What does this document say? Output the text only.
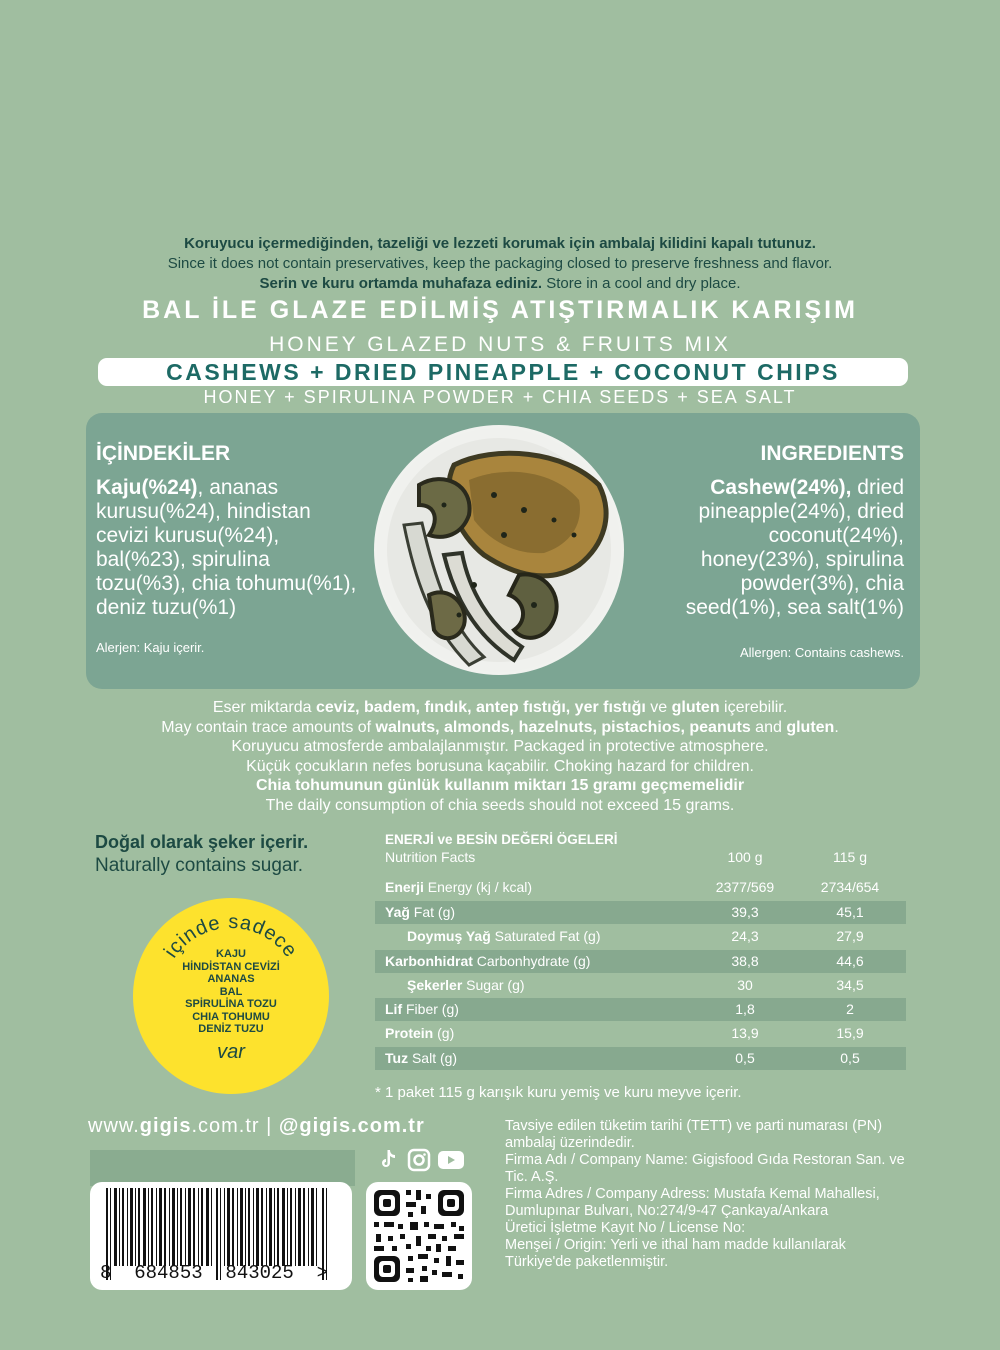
Koruyucu içermediğinden, tazeliği ve lezzeti korumak için ambalaj kilidini kapalı tutunuz.
Since it does not contain preservatives, keep the packaging closed to preserve freshness and flavor.
Serin ve kuru ortamda muhafaza ediniz. Store in a cool and dry place.
BAL İLE GLAZE EDİLMİŞ ATIŞTIRMALIK KARIŞIM
HONEY GLAZED NUTS & FRUITS MIX
CASHEWS + DRIED PINEAPPLE + COCONUT CHIPS
HONEY + SPIRULINA POWDER + CHIA SEEDS + SEA SALT
İÇİNDEKİLER
Kaju(%24), ananas
kurusu(%24), hindistan
cevizi kurusu(%24),
bal(%23), spirulina
tozu(%3), chia tohumu(%1),
deniz tuzu(%1)
Alerjen: Kaju içerir.
INGREDIENTS
Cashew(24%), dried
pineapple(24%), dried
coconut(24%),
honey(23%), spirulina
powder(3%), chia
seed(1%), sea salt(1%)
Allergen: Contains cashews.

Eser miktarda ceviz, badem, fındık, antep fıstığı, yer fıstığı ve gluten içerebilir.

May contain trace amounts of walnuts, almonds, hazelnuts, pistachios, peanuts and gluten.

Koruyucu atmosferde ambalajlanmıştır. Packaged in protective atmosphere.

Küçük çocukların nefes borusuna kaçabilir. Choking hazard for children.

Chia tohumunun günlük kullanım miktarı 15 gramı geçmemelidir

The daily consumption of chia seeds should not exceed 15 grams.

Doğal olarak şeker içerir.
Naturally contains sugar.
içinde sadece
KAJU
HİNDİSTAN CEVİZİ
ANANAS
BAL
SPİRULİNA TOZU
CHIA TOHUMU
DENİZ TUZU
var
ENERJİ ve BESİN DEĞERİ ÖGELERİ
Nutrition Facts	100 g	115 g
Enerji Energy (kj / kcal)	2377/569	2734/654
Yağ Fat (g)	39,3	45,1
Doymuş Yağ Saturated Fat (g)	24,3	27,9
Karbonhidrat Carbonhydrate (g)	38,8	44,6
Şekerler Sugar (g)	30	34,5
Lif Fiber (g)	1,8	2
Protein (g)	13,9	15,9
Tuz Salt (g)	0,5	0,5
* 1 paket 115 g karışık kuru yemiş ve kuru meyve içerir.
www.gigis.com.tr | @gigis.com.tr
8  684853  843025  >

Tavsiye edilen tüketim tarihi (TETT) ve parti numarası (PN) ambalaj üzerindedir.

Firma Adı / Company Name: Gigisfood Gıda Restoran San. ve Tic. A.Ş.

Firma Adres / Company Adress: Mustafa Kemal Mahallesi, Dumlupınar Bulvarı, No:274/9-47 Çankaya/Ankara

Üretici İşletme Kayıt No / License No:

Menşei / Origin: Yerli ve ithal ham madde kullanılarak Türkiye'de paketlenmiştir.
